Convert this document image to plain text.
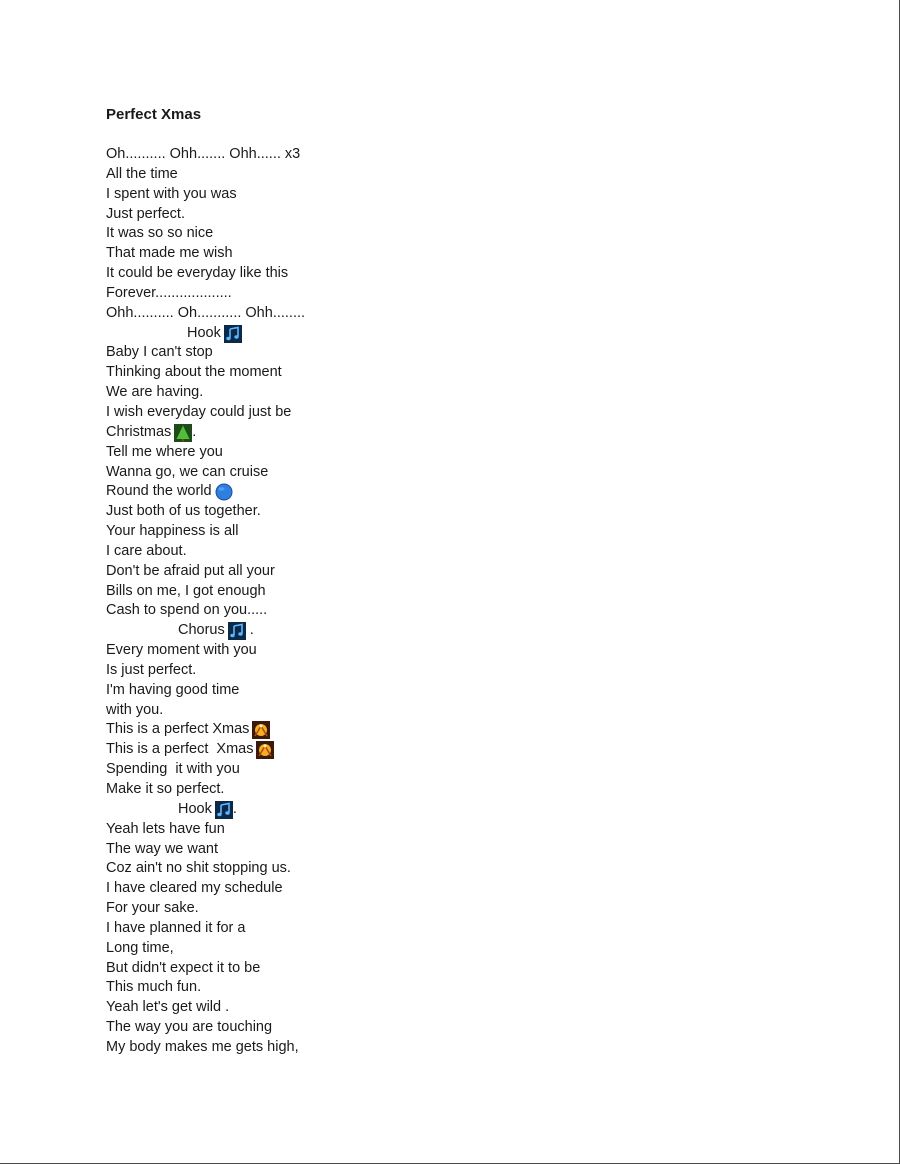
Perfect Xmas
Oh.......... Ohh....... Ohh...... x3
All the time
I spent with you was
Just perfect.
It was so so nice
That made me wish
It could be everyday like this
Forever...................
Ohh.......... Oh........... Ohh........
Hook
Baby I can't stop
Thinking about the moment
We are having.
I wish everyday could just be
Christmas .
Tell me where you
Wanna go, we can cruise
Round the world
Just both of us together.
Your happiness is all
I care about.
Don't be afraid put all your
Bills on me, I got enough
Cash to spend on you.....
Chorus .
Every moment with you
Is just perfect.
I'm having good time
with you.
This is a perfect Xmas
This is a perfect  Xmas
Spending  it with you
Make it so perfect.
Hook .
Yeah lets have fun
The way we want
Coz ain't no shit stopping us.
I have cleared my schedule
For your sake.
I have planned it for a
Long time,
But didn't expect it to be
This much fun.
Yeah let's get wild .
The way you are touching
My body makes me gets high,
